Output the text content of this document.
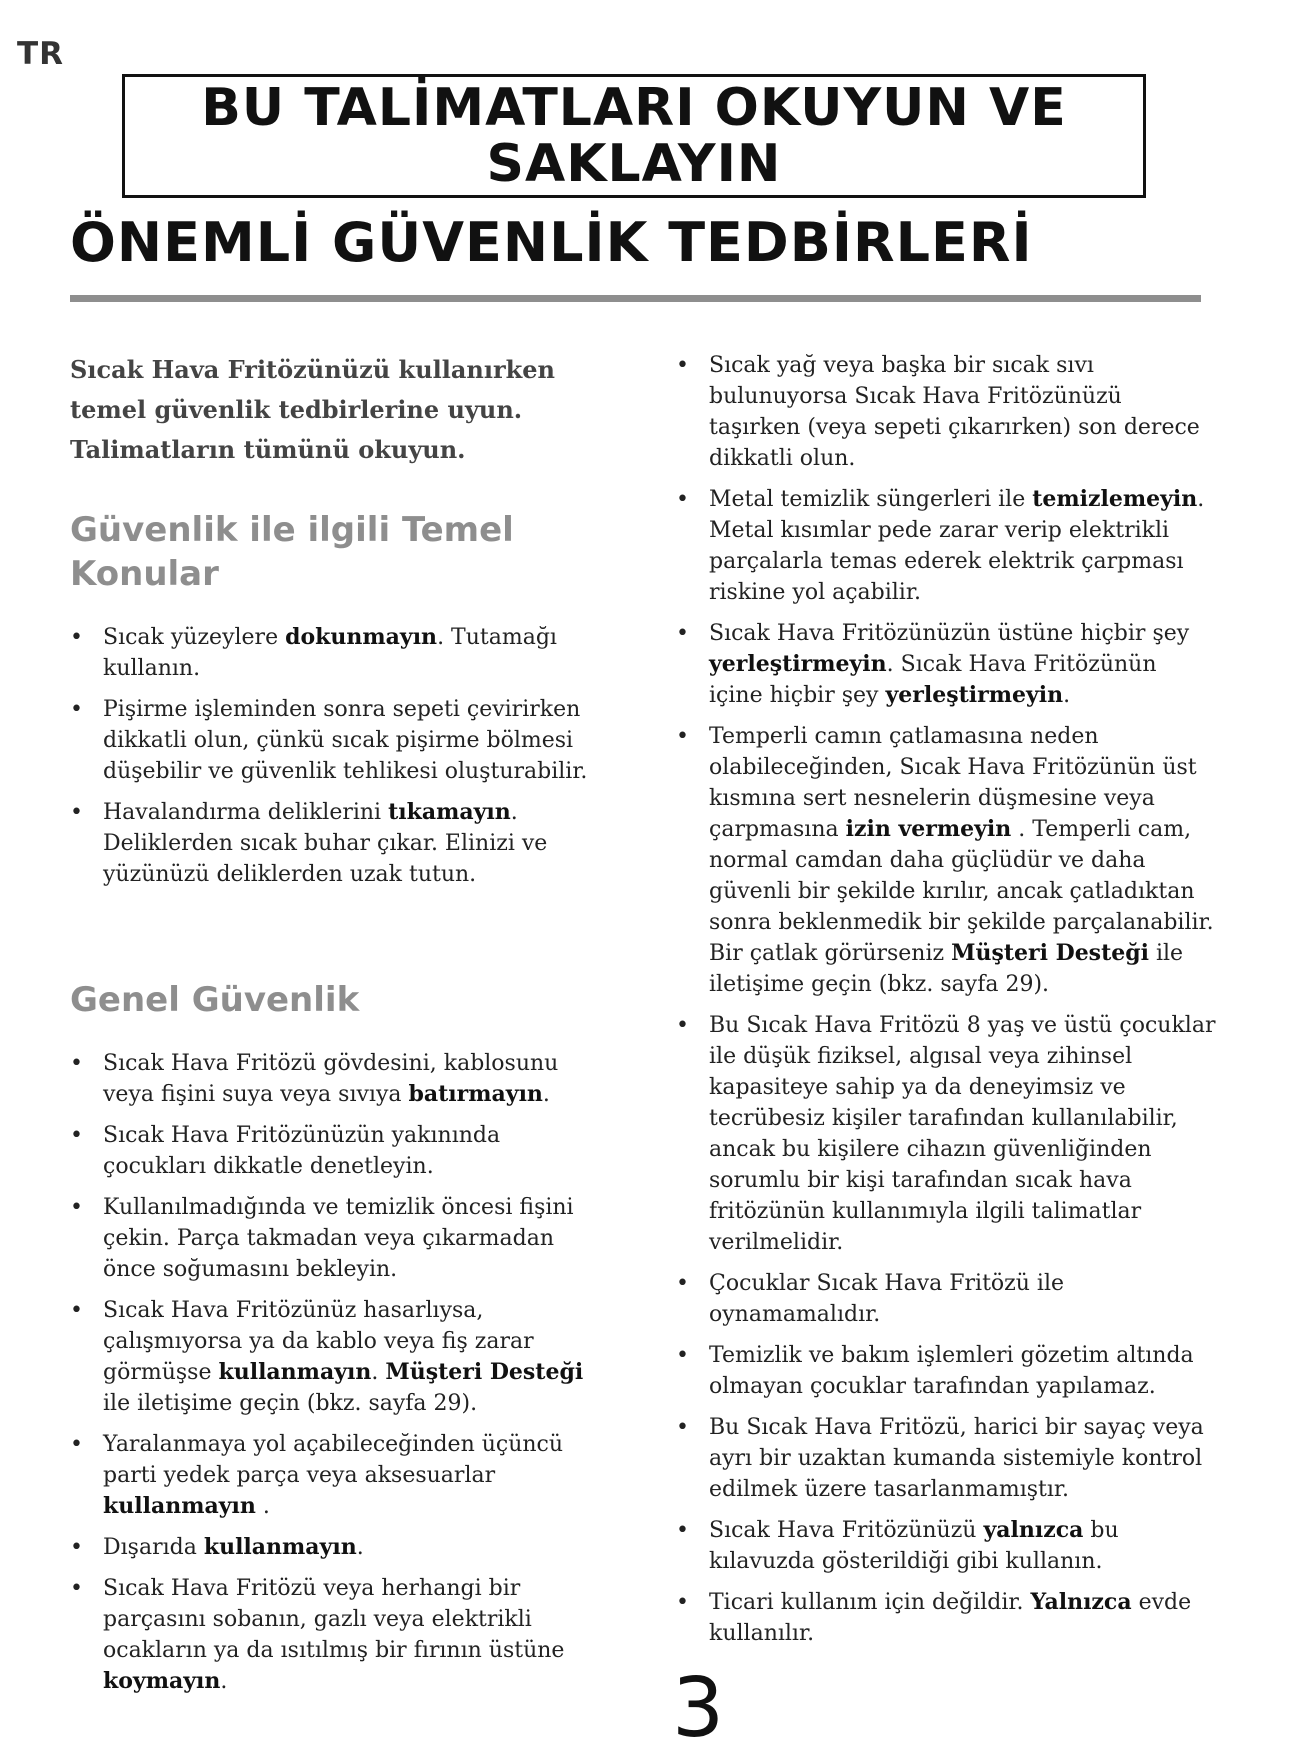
TR
BU TALİMATLARI OKUYUN VE SAKLAYIN
ÖNEMLİ GÜVENLİK TEDBİRLERİ

Sıcak Hava Fritözünüzü kullanırken temel güvenlik tedbirlerine uyun. Talimatların tümünü okuyun.

Güvenlik ile ilgili Temel Konular
• Sıcak yüzeylere dokunmayın. Tutamağı kullanın.
• Pişirme işleminden sonra sepeti çevirirken dikkatli olun, çünkü sıcak pişirme bölmesi düşebilir ve güvenlik tehlikesi oluşturabilir.
• Havalandırma deliklerini tıkamayın. Deliklerden sıcak buhar çıkar. Elinizi ve yüzünüzü deliklerden uzak tutun.
Genel Güvenlik
• Sıcak Hava Fritözü gövdesini, kablosunu veya fişini suya veya sıvıya batırmayın.
• Sıcak Hava Fritözünüzün yakınında çocukları dikkatle denetleyin.
• Kullanılmadığında ve temizlik öncesi fişini çekin. Parça takmadan veya çıkarmadan önce soğumasını bekleyin.
• Sıcak Hava Fritözünüz hasarlıysa, çalışmıyorsa ya da kablo veya fiş zarar görmüşse kullanmayın. Müşteri Desteği ile iletişime geçin (bkz. sayfa 29).
• Yaralanmaya yol açabileceğinden üçüncü parti yedek parça veya aksesuarlar kullanmayın .
• Dışarıda kullanmayın.
• Sıcak Hava Fritözü veya herhangi bir parçasını sobanın, gazlı veya elektrikli ocakların ya da ısıtılmış bir fırının üstüne koymayın.
• Sıcak yağ veya başka bir sıcak sıvı bulunuyorsa Sıcak Hava Fritözünüzü taşırken (veya sepeti çıkarırken) son derece dikkatli olun.
• Metal temizlik süngerleri ile temizlemeyin. Metal kısımlar pede zarar verip elektrikli parçalarla temas ederek elektrik çarpması riskine yol açabilir.
• Sıcak Hava Fritözünüzün üstüne hiçbir şey yerleştirmeyin. Sıcak Hava Fritözünün içine hiçbir şey yerleştirmeyin.
• Temperli camın çatlamasına neden olabileceğinden, Sıcak Hava Fritözünün üst kısmına sert nesnelerin düşmesine veya çarpmasına izin vermeyin . Temperli cam, normal camdan daha güçlüdür ve daha güvenli bir şekilde kırılır, ancak çatladıktan sonra beklenmedik bir şekilde parçalanabilir. Bir çatlak görürseniz Müşteri Desteği ile iletişime geçin (bkz. sayfa 29).
• Bu Sıcak Hava Fritözü 8 yaş ve üstü çocuklar ile düşük fiziksel, algısal veya zihinsel kapasiteye sahip ya da deneyimsiz ve tecrübesiz kişiler tarafından kullanılabilir, ancak bu kişilere cihazın güvenliğinden sorumlu bir kişi tarafından sıcak hava fritözünün kullanımıyla ilgili talimatlar verilmelidir.
• Çocuklar Sıcak Hava Fritözü ile oynamamalıdır.
• Temizlik ve bakım işlemleri gözetim altında olmayan çocuklar tarafından yapılamaz.
• Bu Sıcak Hava Fritözü, harici bir sayaç veya ayrı bir uzaktan kumanda sistemiyle kontrol edilmek üzere tasarlanmamıştır.
• Sıcak Hava Fritözünüzü yalnızca bu kılavuzda gösterildiği gibi kullanın.
• Ticari kullanım için değildir. Yalnızca evde kullanılır.
3
